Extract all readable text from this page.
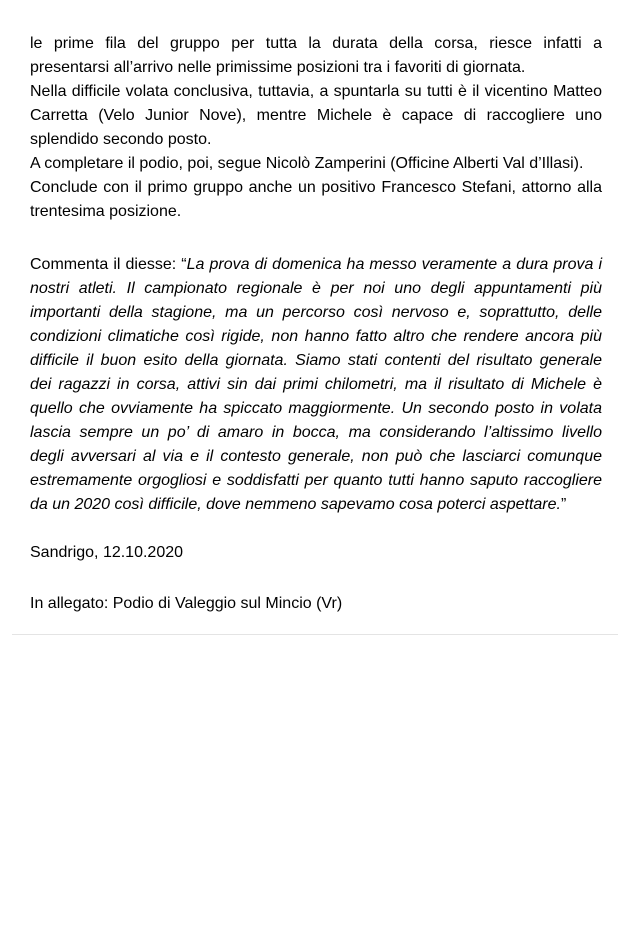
le prime fila del gruppo per tutta la durata della corsa, riesce infatti a
presentarsi all’arrivo nelle primissime posizioni tra i favoriti di giornata.
Nella difficile volata conclusiva, tuttavia, a spuntarla su tutti è il vicentino Matteo
Carretta (Velo Junior Nove), mentre Michele è capace di raccogliere uno
splendido secondo posto.
A completare il podio, poi, segue Nicolò Zamperini (Officine Alberti Val d’Illasi).
Conclude con il primo gruppo anche un positivo Francesco Stefani, attorno alla
trentesima posizione.
Commenta il diesse: “La prova di domenica ha messo veramente a dura prova i
nostri atleti. Il campionato regionale è per noi uno degli appuntamenti più
importanti della stagione, ma un percorso così nervoso e, soprattutto, delle
condizioni climatiche così rigide, non hanno fatto altro che rendere ancora più
difficile il buon esito della giornata. Siamo stati contenti del risultato generale
dei ragazzi in corsa, attivi sin dai primi chilometri, ma il risultato di Michele è
quello che ovviamente ha spiccato maggiormente. Un secondo posto in volata
lascia sempre un po’ di amaro in bocca, ma considerando l’altissimo livello
degli avversari al via e il contesto generale, non può che lasciarci comunque
estremamente orgogliosi e soddisfatti per quanto tutti hanno saputo raccogliere
da un 2020 così difficile, dove nemmeno sapevamo cosa poterci aspettare.”
Sandrigo, 12.10.2020
In allegato: Podio di Valeggio sul Mincio (Vr)
